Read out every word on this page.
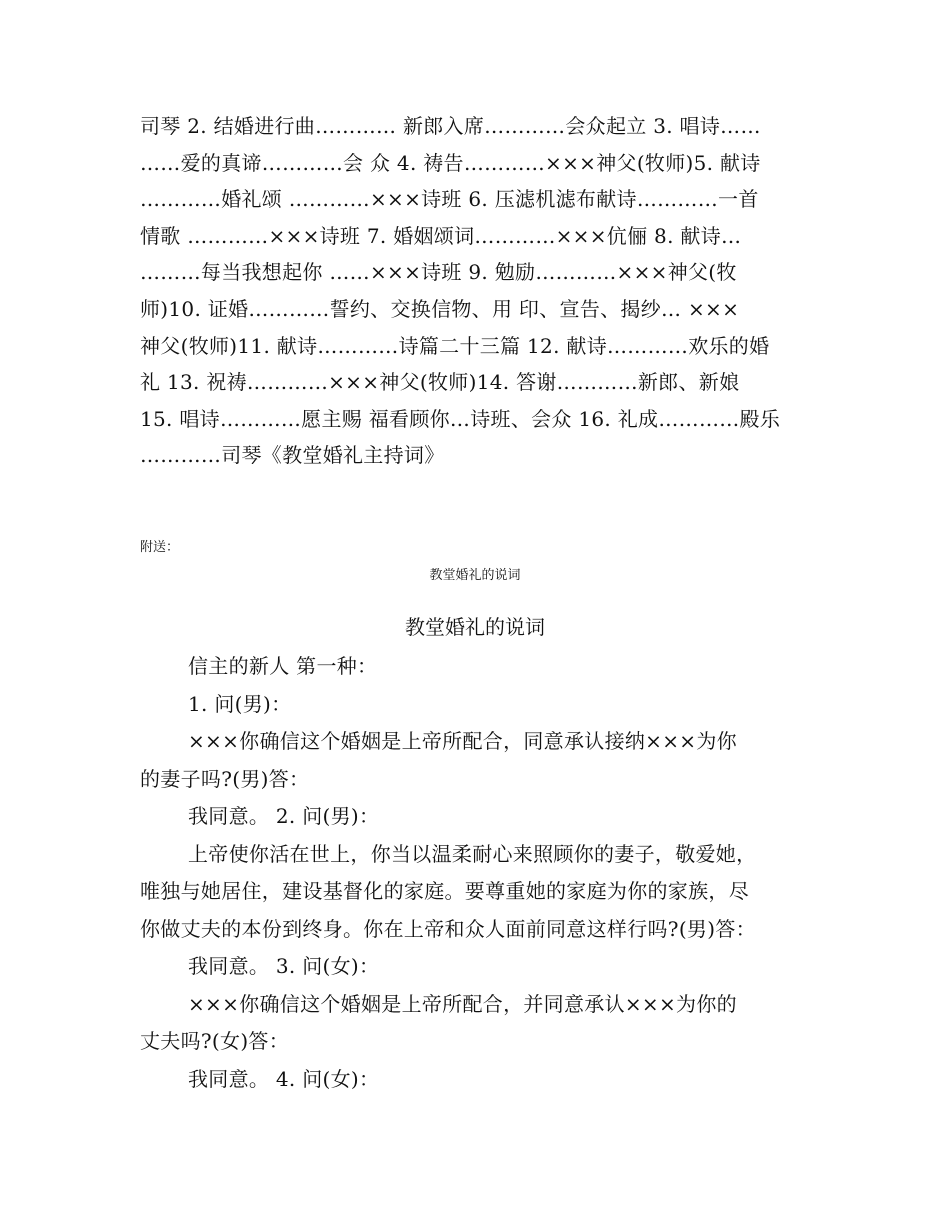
司琴 2. 结婚进行曲………… 新郎入席…………会众起立 3. 唱诗……
……爱的真谛…………会 众 4. 祷告…………×××神父(牧师)5. 献诗
…………婚礼颂 …………×××诗班 6. 压滤机滤布献诗…………一首
情歌 …………×××诗班 7. 婚姻颂词…………×××伉俪 8. 献诗…
………每当我想起你 ……×××诗班 9. 勉励…………×××神父(牧
师)10. 证婚…………誓约、交换信物、用 印、宣告、揭纱… ×××
神父(牧师)11. 献诗…………诗篇二十三篇 12. 献诗…………欢乐的婚
礼 13. 祝祷…………×××神父(牧师)14. 答谢…………新郎、新娘
15. 唱诗…………愿主赐 福看顾你…诗班、会众 16. 礼成…………殿乐
…………司琴《教堂婚礼主持词》
附送：
教堂婚礼的说词
教堂婚礼的说词
信主的新人 第一种：
1. 问(男)：
×××你确信这个婚姻是上帝所配合，同意承认接纳×××为你
的妻子吗?(男)答：
我同意。 2. 问(男)：
上帝使你活在世上，你当以温柔耐心来照顾你的妻子，敬爱她，
唯独与她居住，建设基督化的家庭。要尊重她的家庭为你的家族，尽
你做丈夫的本份到终身。你在上帝和众人面前同意这样行吗?(男)答：
我同意。 3. 问(女)：
×××你确信这个婚姻是上帝所配合，并同意承认×××为你的
丈夫吗?(女)答：
我同意。 4. 问(女)：
